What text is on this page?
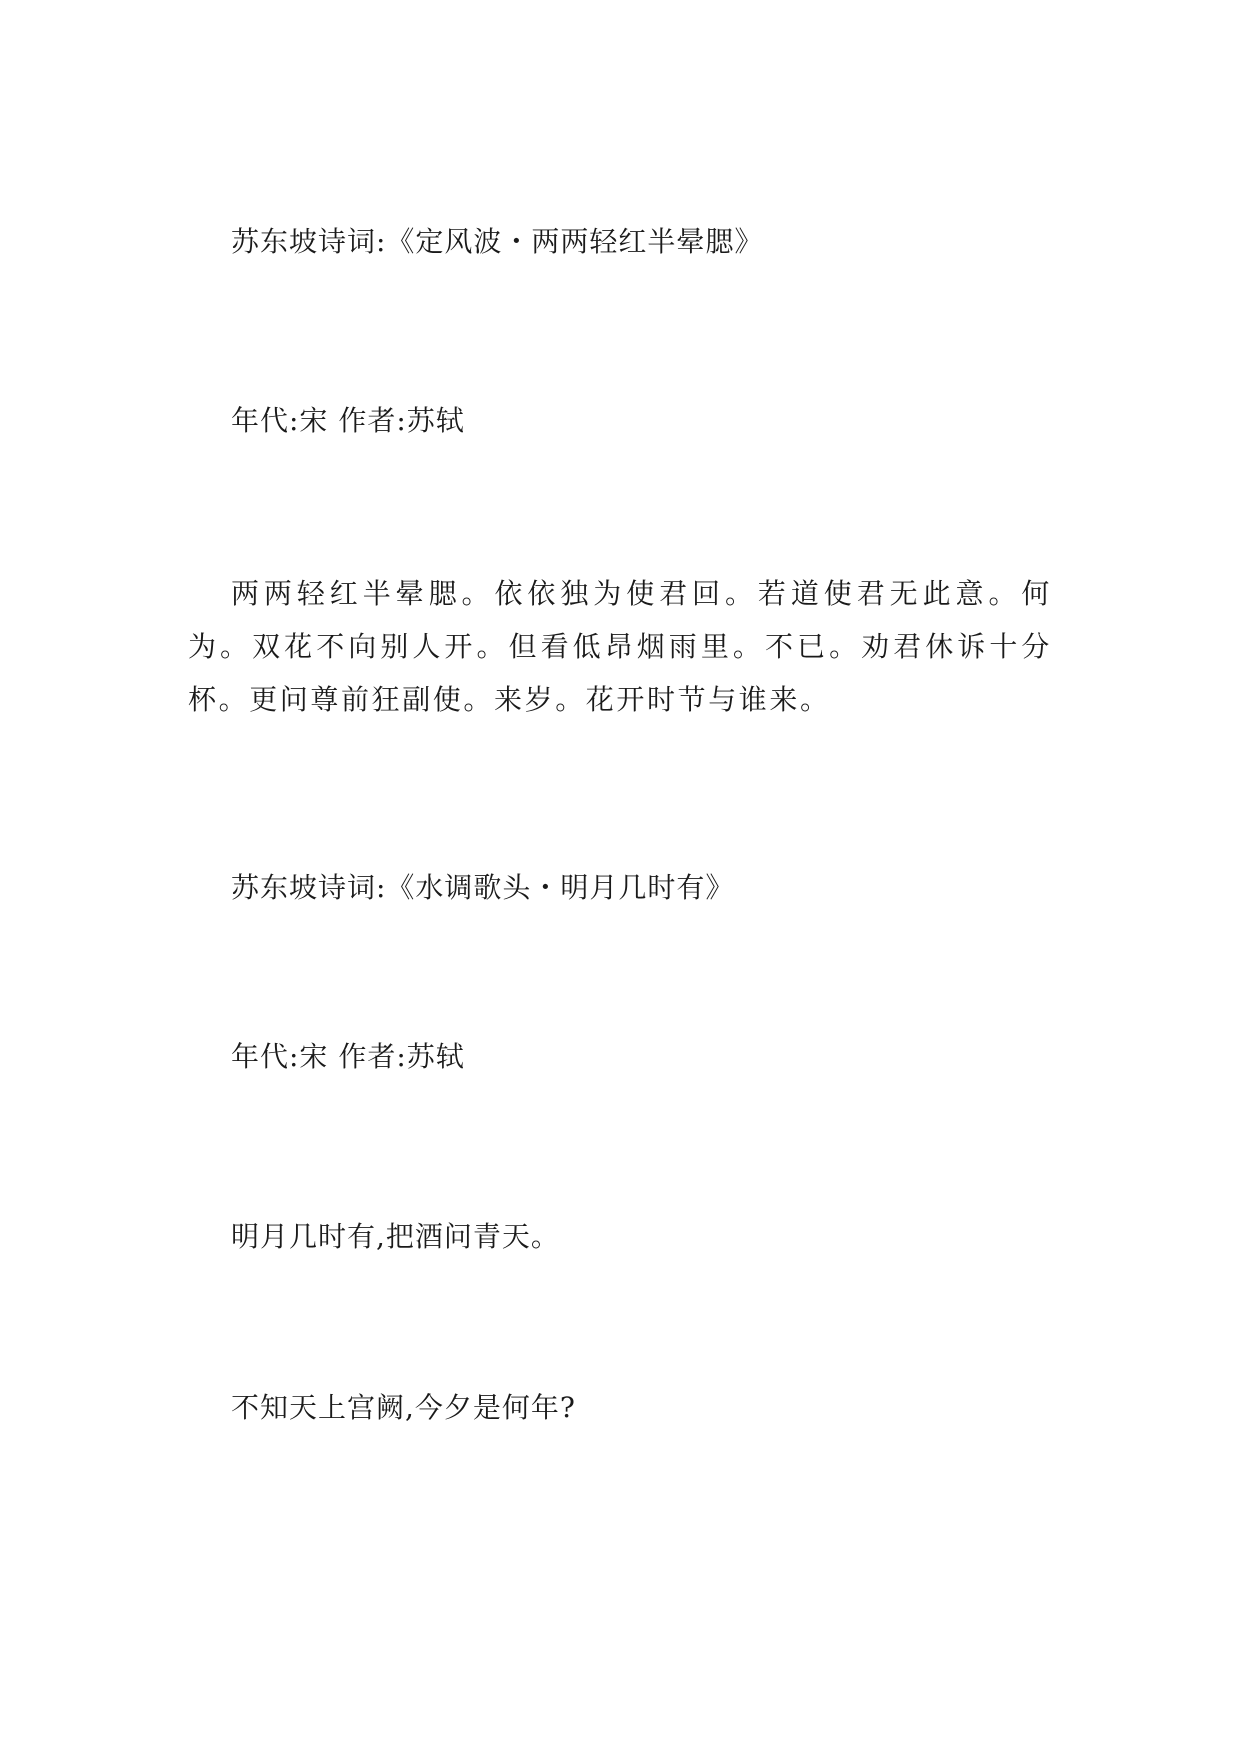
苏东坡诗词:《定风波・两两轻红半晕腮》
年代:宋 作者:苏轼
两两轻红半晕腮。依依独为使君回。若道使君无此意。何为。双花不向别人开。但看低昂烟雨里。不已。劝君休诉十分杯。更问尊前狂副使。来岁。花开时节与谁来。
苏东坡诗词:《水调歌头・明月几时有》
年代:宋 作者:苏轼
明月几时有,把酒问青天。
不知天上宫阙,今夕是何年?
